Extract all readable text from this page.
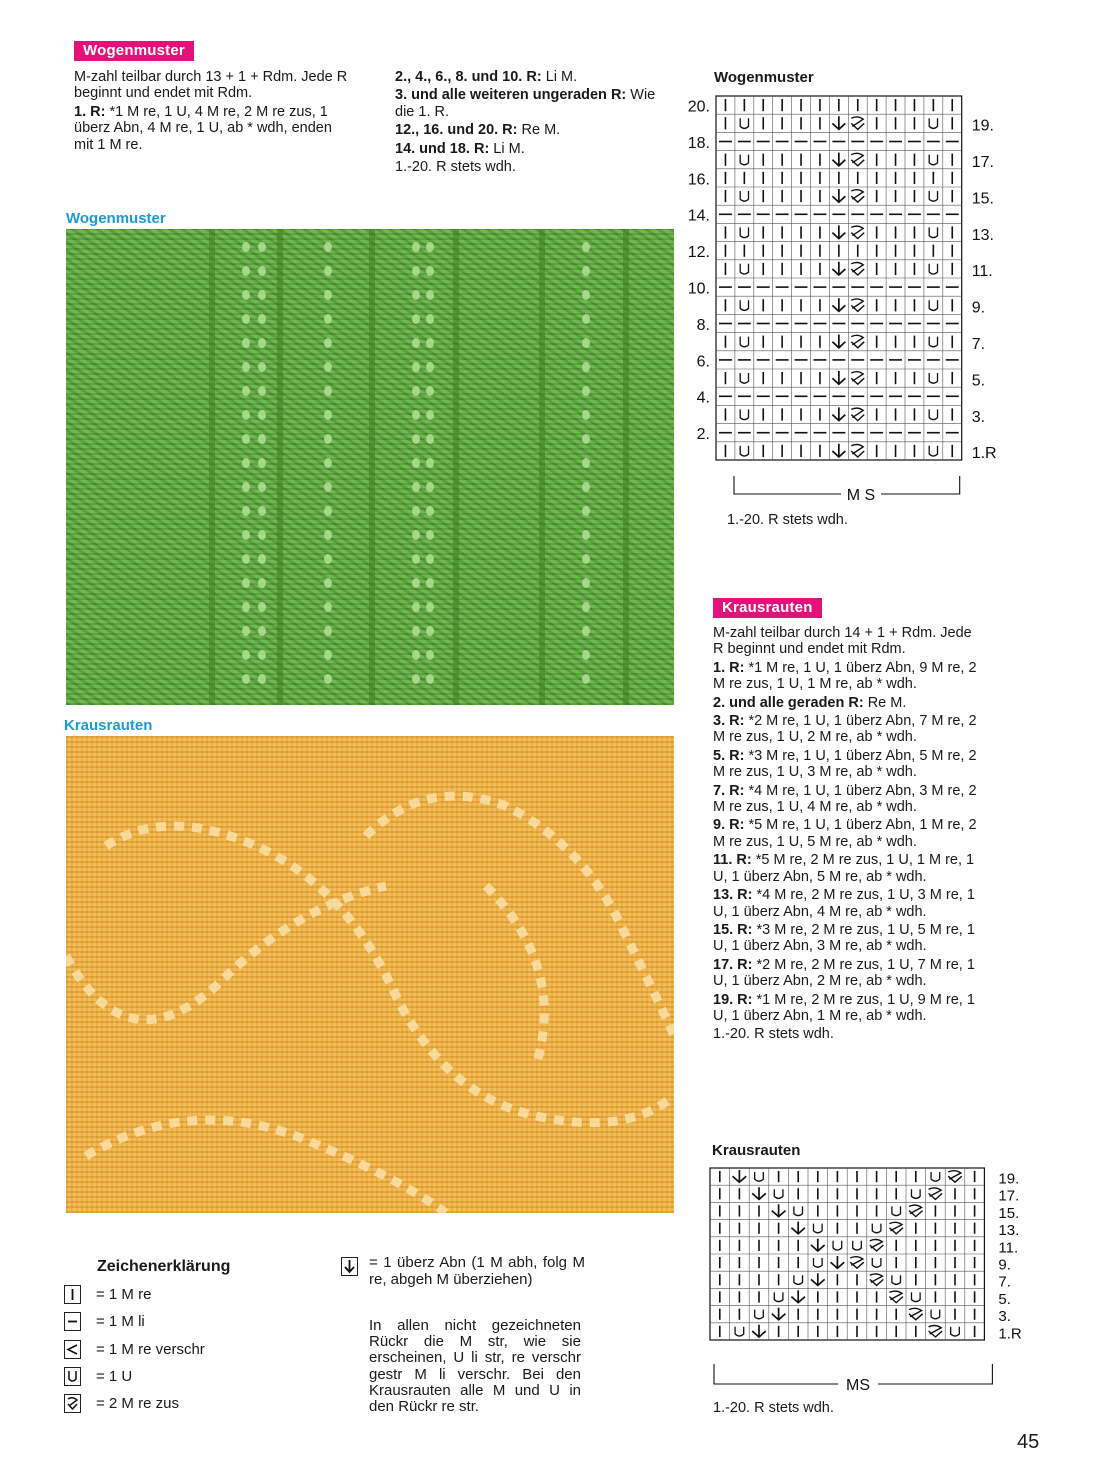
Wogenmuster
M-zahl teilbar durch 13 + 1 + Rdm. Jede R beginnt und endet mit Rdm.
1. R: *1 M re, 1 U, 4 M re, 2 M re zus, 1 überz Abn, 4 M re, 1 U, ab * wdh, enden mit 1 M re.
2., 4., 6., 8. und 10. R: Li M.
3. und alle weiteren ungeraden R: Wie die 1. R.
12., 16. und 20. R: Re M.
14. und 18. R: Li M.
1.-20. R stets wdh.
Wogenmuster
Krausrauten
Wogenmuster
20.
18.
16.
14.
12.
10.
8.
6.
4.
2.
19.
17.
15.
13.
11.
9.
7.
5.
3.
1.R
M S
1.-20. R stets wdh.
Krausrauten
M-zahl teilbar durch 14 + 1 + Rdm. Jede R beginnt und endet mit Rdm.
1. R: *1 M re, 1 U, 1 überz Abn, 9 M re, 2 M re zus, 1 U, 1 M re, ab * wdh.
2. und alle geraden R: Re M.
3. R: *2 M re, 1 U, 1 überz Abn, 7 M re, 2 M re zus, 1 U, 2 M re, ab * wdh.
5. R: *3 M re, 1 U, 1 überz Abn, 5 M re, 2 M re zus, 1 U, 3 M re, ab * wdh.
7. R: *4 M re, 1 U, 1 überz Abn, 3 M re, 2 M re zus, 1 U, 4 M re, ab * wdh.
9. R: *5 M re, 1 U, 1 überz Abn, 1 M re, 2 M re zus, 1 U, 5 M re, ab * wdh.
11. R: *5 M re, 2 M re zus, 1 U, 1 M re, 1 U, 1 überz Abn, 5 M re, ab * wdh.
13. R: *4 M re, 2 M re zus, 1 U, 3 M re, 1 U, 1 überz Abn, 4 M re, ab * wdh.
15. R: *3 M re, 2 M re zus, 1 U, 5 M re, 1 U, 1 überz Abn, 3 M re, ab * wdh.
17. R: *2 M re, 2 M re zus, 1 U, 7 M re, 1 U, 1 überz Abn, 2 M re, ab * wdh.
19. R: *1 M re, 2 M re zus, 1 U, 9 M re, 1 U, 1 überz Abn, 1 M re, ab * wdh.
1.-20. R stets wdh.
Krausrauten
19.
17.
15.
13.
11.
9.
7.
5.
3.
1.R
MS
1.-20. R stets wdh.
Zeichenerklärung
= 1 M re
= 1 M li
= 1 M re verschr
= 1 U
= 2 M re zus
= 1 überz Abn (1 M abh, folg M re, abgeh M überziehen)
In allen nicht gezeichneten Rückr die M str, wie sie erscheinen, U li str, re verschr gestr M li verschr. Bei den Krausrauten alle M und U in den Rückr re str.
45
